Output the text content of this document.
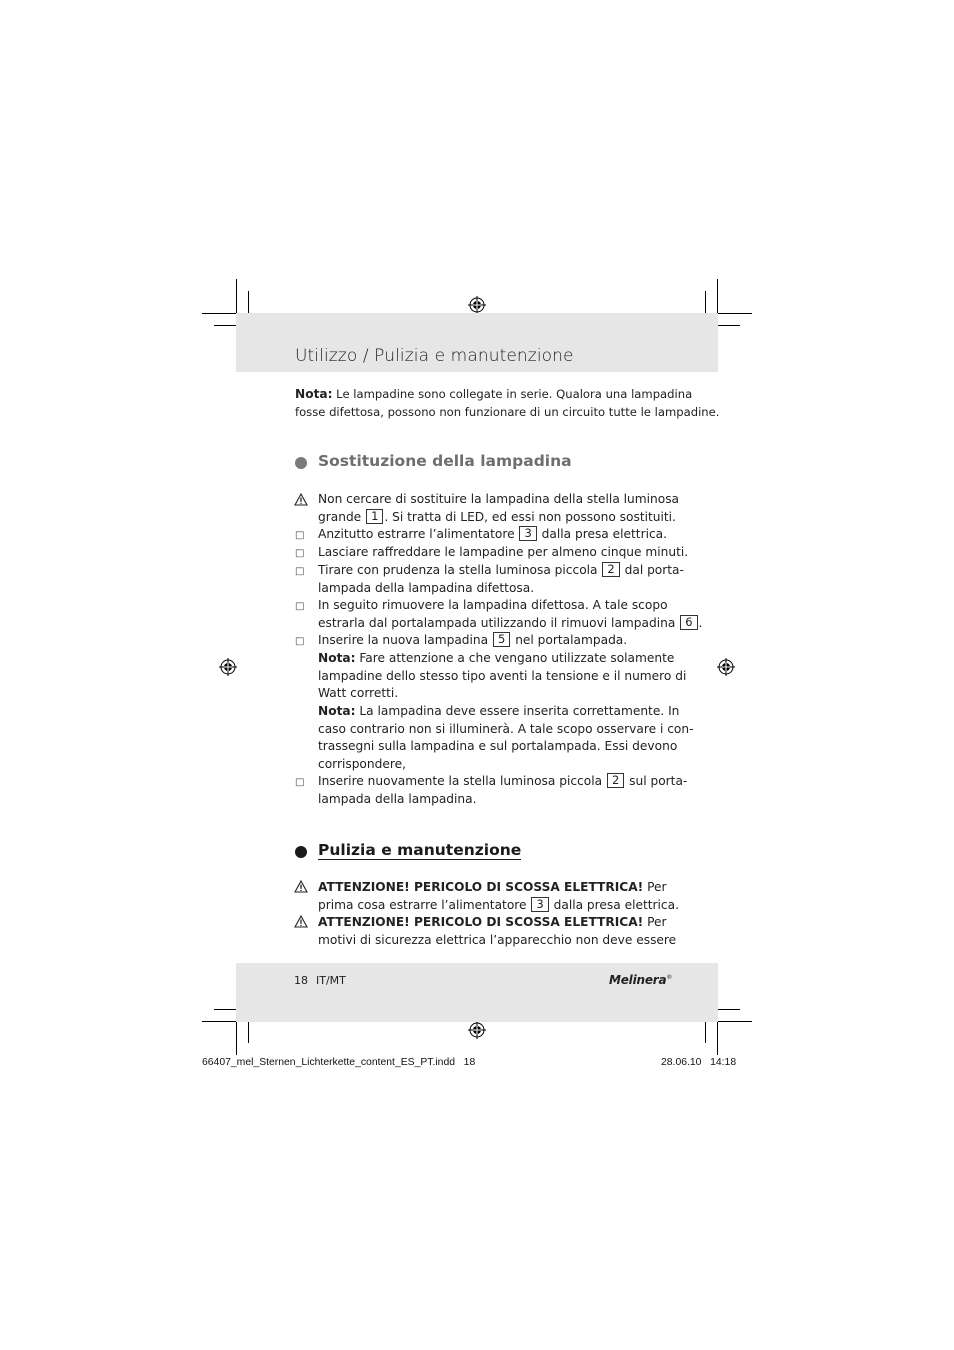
Utilizzo / Pulizia e manutenzione
Nota: Le lampadine sono collegate in serie. Qualora una lampadina
fosse difettosa, possono non funzionare di un circuito tutte le lampadine.
Sostituzione della lampadina
Non cercare di sostituire la lampadina della stella luminosa
grande 1 . Si tratta di LED, ed essi non possono sostituiti.
□ Anzitutto estrarre l’alimentatore 3 dalla presa elettrica.
□ Lasciare raffreddare le lampadine per almeno cinque minuti.
□ Tirare con prudenza la stella luminosa piccola 2 dal porta-
lampada della lampadina difettosa.
□ In seguito rimuovere la lampadina difettosa. A tale scopo
estrarla dal portalampada utilizzando il rimuovi lampadina 6 .
□ Inserire la nuova lampadina 5 nel portalampada.
Nota: Fare attenzione a che vengano utilizzate solamente
lampadine dello stesso tipo aventi la tensione e il numero di
Watt corretti.
Nota: La lampadina deve essere inserita correttamente. In
caso contrario non si illuminerà. A tale scopo osservare i con-
trassegni sulla lampadina e sul portalampada. Essi devono
corrispondere,
□ Inserire nuovamente la stella luminosa piccola 2 sul porta-
lampada della lampadina.
Pulizia e manutenzione
ATTENZIONE! PERICOLO DI SCOSSA ELETTRICA! Per
prima cosa estrarre l’alimentatore 3 dalla presa elettrica.
ATTENZIONE! PERICOLO DI SCOSSA ELETTRICA! Per
motivi di sicurezza elettrica l’apparecchio non deve essere
18 IT/MT	Melinera®
66407_mel_Sternen_Lichterkette_content_ES_PT.indd   18	28.06.10   14:18
